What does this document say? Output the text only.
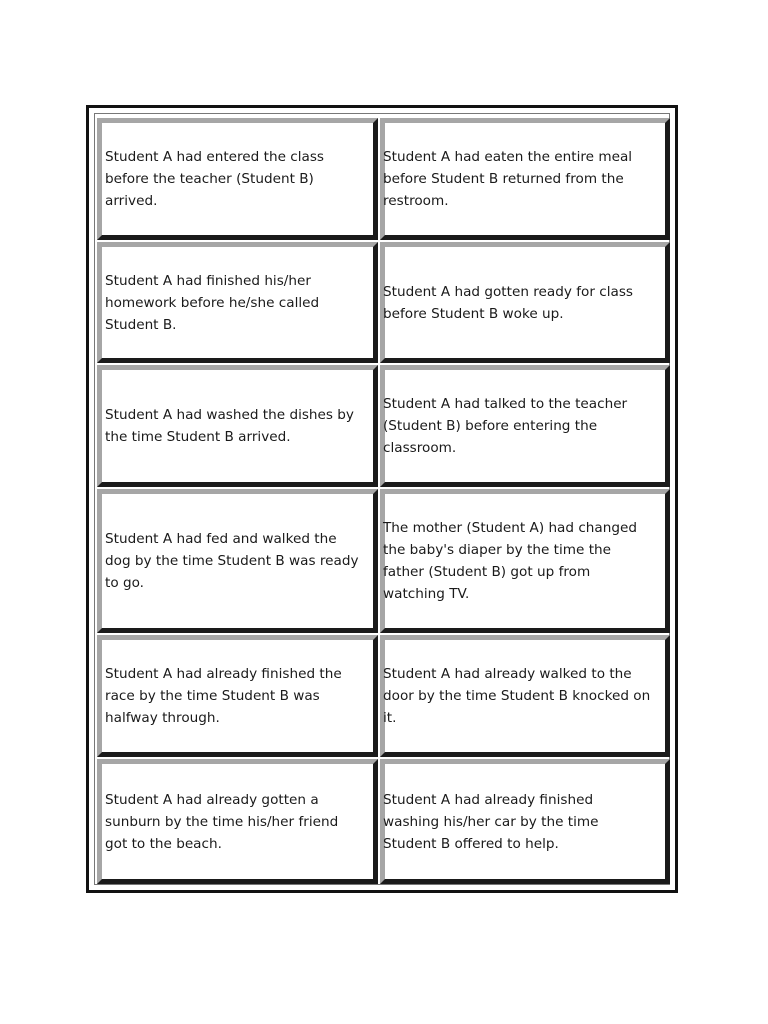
Student A had entered the class
before the teacher (Student B)
arrived.
Student A had eaten the entire meal
before Student B returned from the
restroom.
Student A had finished his/her
homework before he/she called
Student B.
Student A had gotten ready for class
before Student B woke up.
Student A had washed the dishes by
the time Student B arrived.
Student A had talked to the teacher
(Student B) before entering the
classroom.
Student A had fed and walked the
dog by the time Student B was ready
to go.
The mother (Student A) had changed
the baby's diaper by the time the
father (Student B) got up from
watching TV.
Student A had already finished the
race by the time Student B was
halfway through.
Student A had already walked to the
door by the time Student B knocked on
it.
Student A had already gotten a
sunburn by the time his/her friend
got to the beach.
Student A had already finished
washing his/her car by the time
Student B offered to help.
